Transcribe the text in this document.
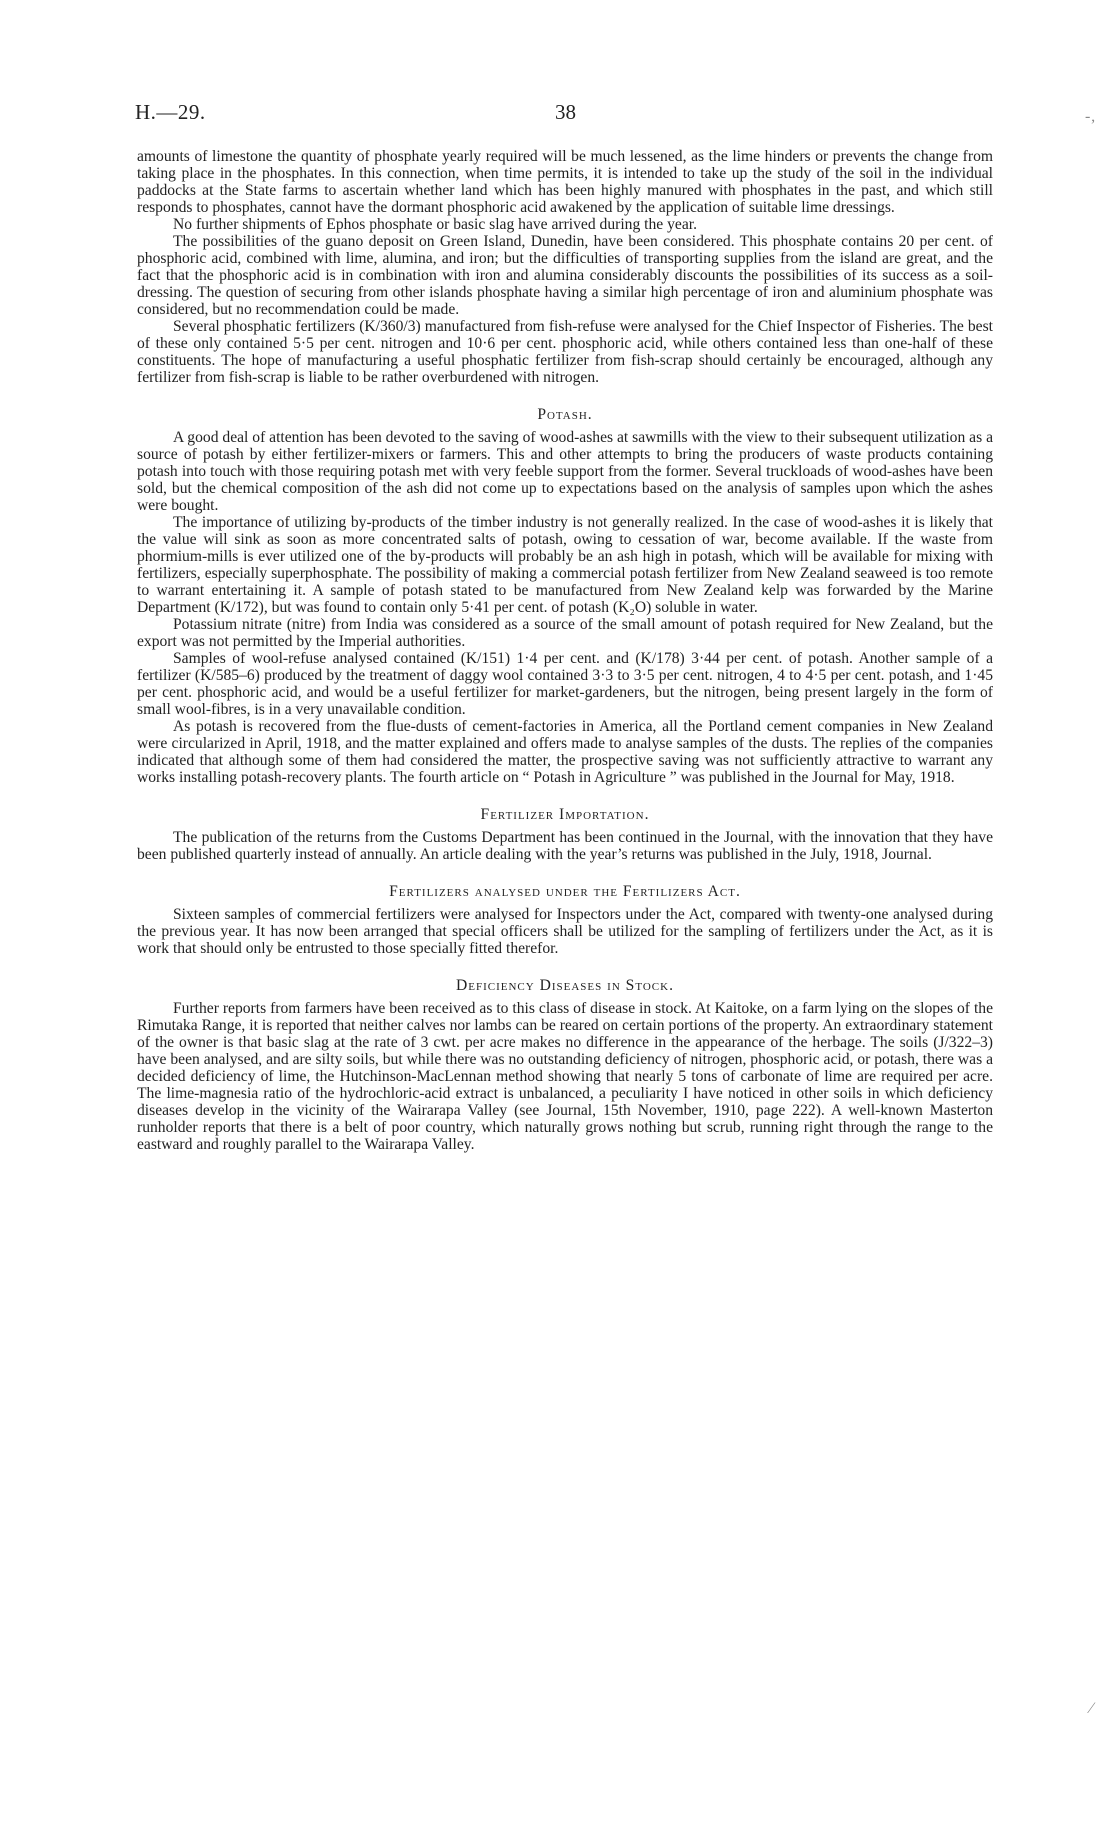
H.—29.	38	‑‚
⁄

amounts of limestone the quantity of phosphate yearly required will be much lessened, as the lime hinders or prevents the change from taking place in the phosphates. In this connection, when time permits, it is intended to take up the study of the soil in the individual paddocks at the State farms to ascertain whether land which has been highly manured with phosphates in the past, and which still responds to phosphates, cannot have the dormant phosphoric acid awakened by the application of suitable lime dressings.

No further shipments of Ephos phosphate or basic slag have arrived during the year.

The possibilities of the guano deposit on Green Island, Dunedin, have been considered. This phosphate contains 20 per cent. of phosphoric acid, combined with lime, alumina, and iron; but the difficulties of transporting supplies from the island are great, and the fact that the phosphoric acid is in combination with iron and alumina considerably discounts the possibilities of its success as a soil-dressing. The question of securing from other islands phosphate having a similar high percentage of iron and aluminium phosphate was considered, but no recommendation could be made.

Several phosphatic fertilizers (K/360/3) manufactured from fish-refuse were analysed for the Chief Inspector of Fisheries. The best of these only contained 5·5 per cent. nitrogen and 10·6 per cent. phosphoric acid, while others contained less than one-half of these constituents. The hope of manufacturing a useful phosphatic fertilizer from fish-scrap should certainly be encouraged, although any fertilizer from fish-scrap is liable to be rather overburdened with nitrogen.

Potash.

A good deal of attention has been devoted to the saving of wood-ashes at sawmills with the view to their subsequent utilization as a source of potash by either fertilizer-mixers or farmers. This and other attempts to bring the producers of waste products containing potash into touch with those requiring potash met with very feeble support from the former. Several truckloads of wood-ashes have been sold, but the chemical composition of the ash did not come up to expectations based on the analysis of samples upon which the ashes were bought.

The importance of utilizing by-products of the timber industry is not generally realized. In the case of wood-ashes it is likely that the value will sink as soon as more concentrated salts of potash, owing to cessation of war, become available. If the waste from phormium-mills is ever utilized one of the by-products will probably be an ash high in potash, which will be available for mixing with fertilizers, especially superphosphate. The possibility of making a commercial potash fertilizer from New Zealand seaweed is too remote to warrant entertaining it. A sample of potash stated to be manufactured from New Zealand kelp was forwarded by the Marine Department (K/172), but was found to contain only 5·41 per cent. of potash (K₂O) soluble in water.

Potassium nitrate (nitre) from India was considered as a source of the small amount of potash required for New Zealand, but the export was not permitted by the Imperial authorities.

Samples of wool-refuse analysed contained (K/151) 1·4 per cent. and (K/178) 3·44 per cent. of potash. Another sample of a fertilizer (K/585–6) produced by the treatment of daggy wool contained 3·3 to 3·5 per cent. nitrogen, 4 to 4·5 per cent. potash, and 1·45 per cent. phosphoric acid, and would be a useful fertilizer for market-gardeners, but the nitrogen, being present largely in the form of small wool-fibres, is in a very unavailable condition.

As potash is recovered from the flue-dusts of cement-factories in America, all the Portland cement companies in New Zealand were circularized in April, 1918, and the matter explained and offers made to analyse samples of the dusts. The replies of the companies indicated that although some of them had considered the matter, the prospective saving was not sufficiently attractive to warrant any works installing potash-recovery plants. The fourth article on “ Potash in Agriculture ” was published in the Journal for May, 1918.

Fertilizer Importation.

The publication of the returns from the Customs Department has been continued in the Journal, with the innovation that they have been published quarterly instead of annually. An article dealing with the year’s returns was published in the July, 1918, Journal.

Fertilizers analysed under the Fertilizers Act.

Sixteen samples of commercial fertilizers were analysed for Inspectors under the Act, compared with twenty-one analysed during the previous year. It has now been arranged that special officers shall be utilized for the sampling of fertilizers under the Act, as it is work that should only be entrusted to those specially fitted therefor.

Deficiency Diseases in Stock.

Further reports from farmers have been received as to this class of disease in stock. At Kaitoke, on a farm lying on the slopes of the Rimutaka Range, it is reported that neither calves nor lambs can be reared on certain portions of the property. An extraordinary statement of the owner is that basic slag at the rate of 3 cwt. per acre makes no difference in the appearance of the herbage. The soils (J/322–3) have been analysed, and are silty soils, but while there was no outstanding deficiency of nitrogen, phosphoric acid, or potash, there was a decided deficiency of lime, the Hutchinson-MacLennan method showing that nearly 5 tons of carbonate of lime are required per acre. The lime-magnesia ratio of the hydrochloric-acid extract is unbalanced, a peculiarity I have noticed in other soils in which deficiency diseases develop in the vicinity of the Wairarapa Valley (see Journal, 15th November, 1910, page 222). A well-known Masterton runholder reports that there is a belt of poor country, which naturally grows nothing but scrub, running right through the range to the eastward and roughly parallel to the Wairarapa Valley.
